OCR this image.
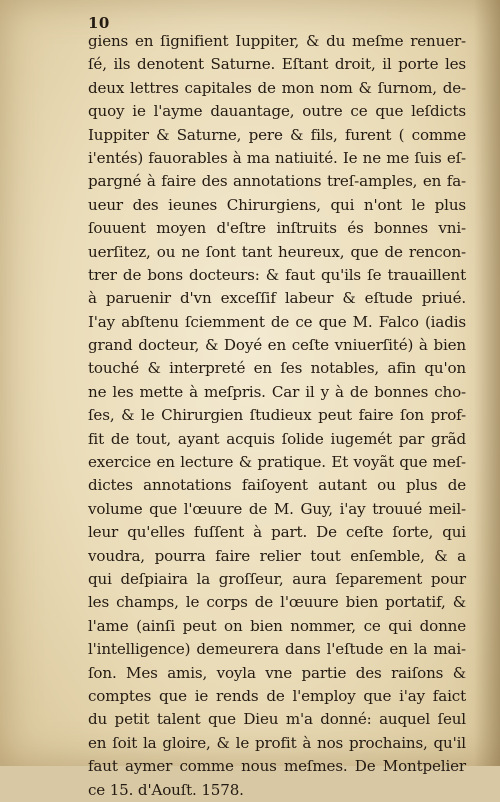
10
giens en ſignifient Iuppiter, & du meſme renuer-
ſé, ils denotent Saturne. Eſtant droit, il porte les
deux lettres capitales de mon nom & ſurnom, de-
quoy ie l'ayme dauantage, outre ce que leſdicts
Iuppiter & Saturne, pere & fils, furent ( comme
i'entés) fauorables à ma natiuité. Ie ne me ſuis eſ-
pargné à faire des annotations treſ-amples, en fa-
ueur des ieunes Chirurgiens, qui n'ont le plus
ſouuent moyen d'eſtre inſtruits és bonnes vni-
uerſitez, ou ne ſont tant heureux, que de rencon-
trer de bons docteurs: & faut qu'ils ſe trauaillent
à paruenir d'vn exceſſif labeur & eſtude priué.
I'ay abſtenu ſciemment de ce que M. Falco (iadis
grand docteur, & Doyé en ceſte vniuerſité) à bien
touché & interpreté en ſes notables, afin qu'on
ne les mette à meſpris. Car il y à de bonnes cho-
ſes, & le Chirurgien ſtudieux peut faire ſon prof-
fit de tout, ayant acquis ſolide iugemét par grãd
exercice en lecture & pratique. Et voyãt que meſ-
dictes annotations faiſoyent autant ou plus de
volume que l'œuure de M. Guy, i'ay trouué meil-
leur qu'elles fuſſent à part. De ceſte ſorte, qui
voudra, pourra faire relier tout enſemble, & a
qui deſpiaira la groſſeur, aura ſeparement pour
les champs, le corps de l'œuure bien portatif, &
l'ame (ainſi peut on bien nommer, ce qui donne
l'intelligence) demeurera dans l'eſtude en la mai-
ſon. Mes amis, voyla vne partie des raiſons &
comptes que ie rends de l'employ que i'ay faict
du petit talent que Dieu m'a donné: auquel ſeul
en ſoit la gloire, & le profit à nos prochains, qu'il
faut aymer comme nous meſmes. De Montpelier
ce 15. d'Aouſt. 1578.
